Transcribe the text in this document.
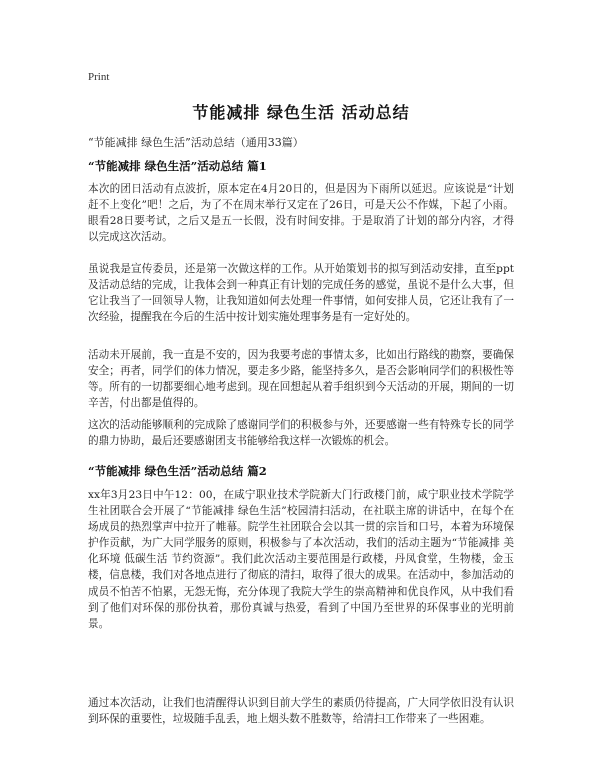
Print
节能减排 绿色生活 活动总结
“节能减排 绿色生活”活动总结（通用33篇）
“节能减排 绿色生活”活动总结 篇1

本次的团日活动有点波折，原本定在4月20日的，但是因为下雨所以延迟。应该说是“计划赶不上变化”吧！之后，为了不在周末举行又定在了26日，可是天公不作媒，下起了小雨。眼看28日要考试，之后又是五一长假，没有时间安排。于是取消了计划的部分内容，才得以完成这次活动。

虽说我是宣传委员，还是第一次做这样的工作。从开始策划书的拟写到活动安排，直至ppt及活动总结的完成，让我体会到一种真正有计划的完成任务的感觉，虽说不是什么大事，但它让我当了一回领导人物，让我知道如何去处理一件事情，如何安排人员，它还让我有了一次经验，提醒我在今后的生活中按计划实施处理事务是有一定好处的。

活动未开展前，我一直是不安的，因为我要考虑的事情太多，比如出行路线的勘察，要确保安全；再者，同学们的体力情况，要走多少路，能坚持多久，是否会影响同学们的积极性等等。所有的一切都要细心地考虑到。现在回想起从着手组织到今天活动的开展，期间的一切辛苦，付出都是值得的。

这次的活动能够顺利的完成除了感谢同学们的积极参与外，还要感谢一些有特殊专长的同学的鼎力协助，最后还要感谢团支书能够给我这样一次锻炼的机会。

“节能减排 绿色生活”活动总结 篇2

xx年3月23日中午12：00，在咸宁职业技术学院新大门行政楼门前，咸宁职业技术学院学生社团联合会开展了“节能减排 绿色生活”校园清扫活动，在社联主席的讲话中，在每个在场成员的热烈掌声中拉开了帷幕。院学生社团联合会以其一贯的宗旨和口号，本着为环境保护作贡献，为广大同学服务的原则，积极参与了本次活动，我们的活动主题为“节能减排 美化环境 低碳生活 节约资源”。我们此次活动主要范围是行政楼，丹凤食堂，生物楼，金玉楼，信息楼，我们对各地点进行了彻底的清扫，取得了很大的成果。在活动中，参加活动的成员不怕苦不怕累，无怨无悔，充分体现了我院大学生的崇高精神和优良作风，从中我们看到了他们对环保的那份执着，那份真诚与热爱，看到了中国乃至世界的环保事业的光明前景。

通过本次活动，让我们也清醒得认识到目前大学生的素质仍待提高，广大同学依旧没有认识到环保的重要性，垃圾随手乱丢，地上烟头数不胜数等，给清扫工作带来了一些困难。
